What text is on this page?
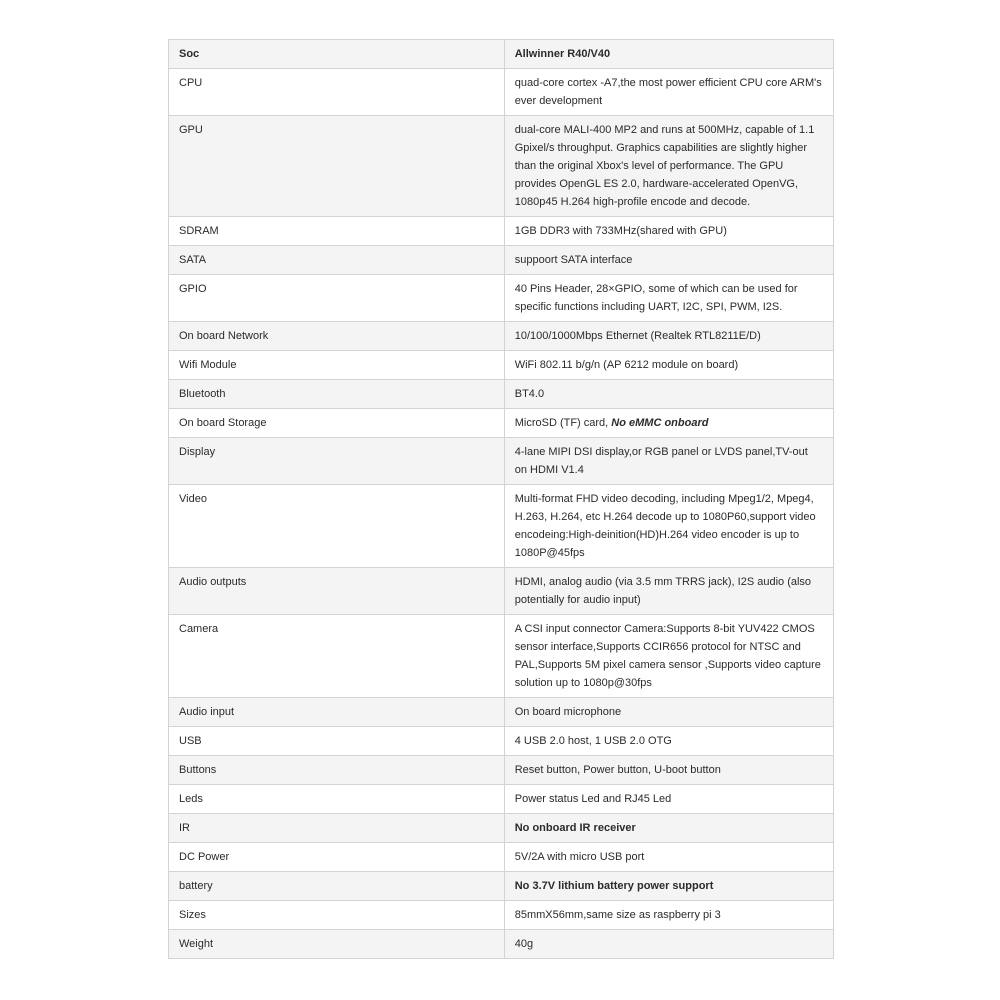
Soc	Allwinner R40/V40
CPU	quad-core cortex -A7,the most power efficient CPU core ARM's ever development
GPU	dual-core MALI-400 MP2 and runs at 500MHz, capable of 1.1 Gpixel/s throughput. Graphics capabilities are slightly higher than the original Xbox's level of performance. The GPU provides OpenGL ES 2.0, hardware-accelerated OpenVG, 1080p45 H.264 high-profile encode and decode.
SDRAM	1GB DDR3 with 733MHz(shared with GPU)
SATA	suppoort SATA interface
GPIO	40 Pins Header, 28×GPIO, some of which can be used for specific functions including UART, I2C, SPI, PWM, I2S.
On board Network	10/100/1000Mbps Ethernet (Realtek RTL8211E/D)
Wifi Module	WiFi 802.11 b/g/n (AP 6212 module on board)
Bluetooth	BT4.0
On board Storage	MicroSD (TF) card, No eMMC onboard
Display	4-lane MIPI DSI display,or RGB panel or LVDS panel,TV-out on HDMI V1.4
Video	Multi-format FHD video decoding, including Mpeg1/2, Mpeg4, H.263, H.264, etc H.264 decode up to 1080P60,support video encodeing:High-deinition(HD)H.264 video encoder is up to 1080P@45fps
Audio outputs	HDMI, analog audio (via 3.5 mm TRRS jack), I2S audio (also potentially for audio input)
Camera	A CSI input connector Camera:Supports 8-bit YUV422 CMOS sensor interface,Supports CCIR656 protocol for NTSC and PAL,Supports 5M pixel camera sensor ,Supports video capture solution up to 1080p@30fps
Audio input	On board microphone
USB	4 USB 2.0 host, 1 USB 2.0 OTG
Buttons	Reset button, Power button, U-boot button
Leds	Power status Led and RJ45 Led
IR	No onboard IR receiver
DC Power	5V/2A with micro USB port
battery	No 3.7V lithium battery power support
Sizes	85mmX56mm,same size as raspberry pi 3
Weight	40g
